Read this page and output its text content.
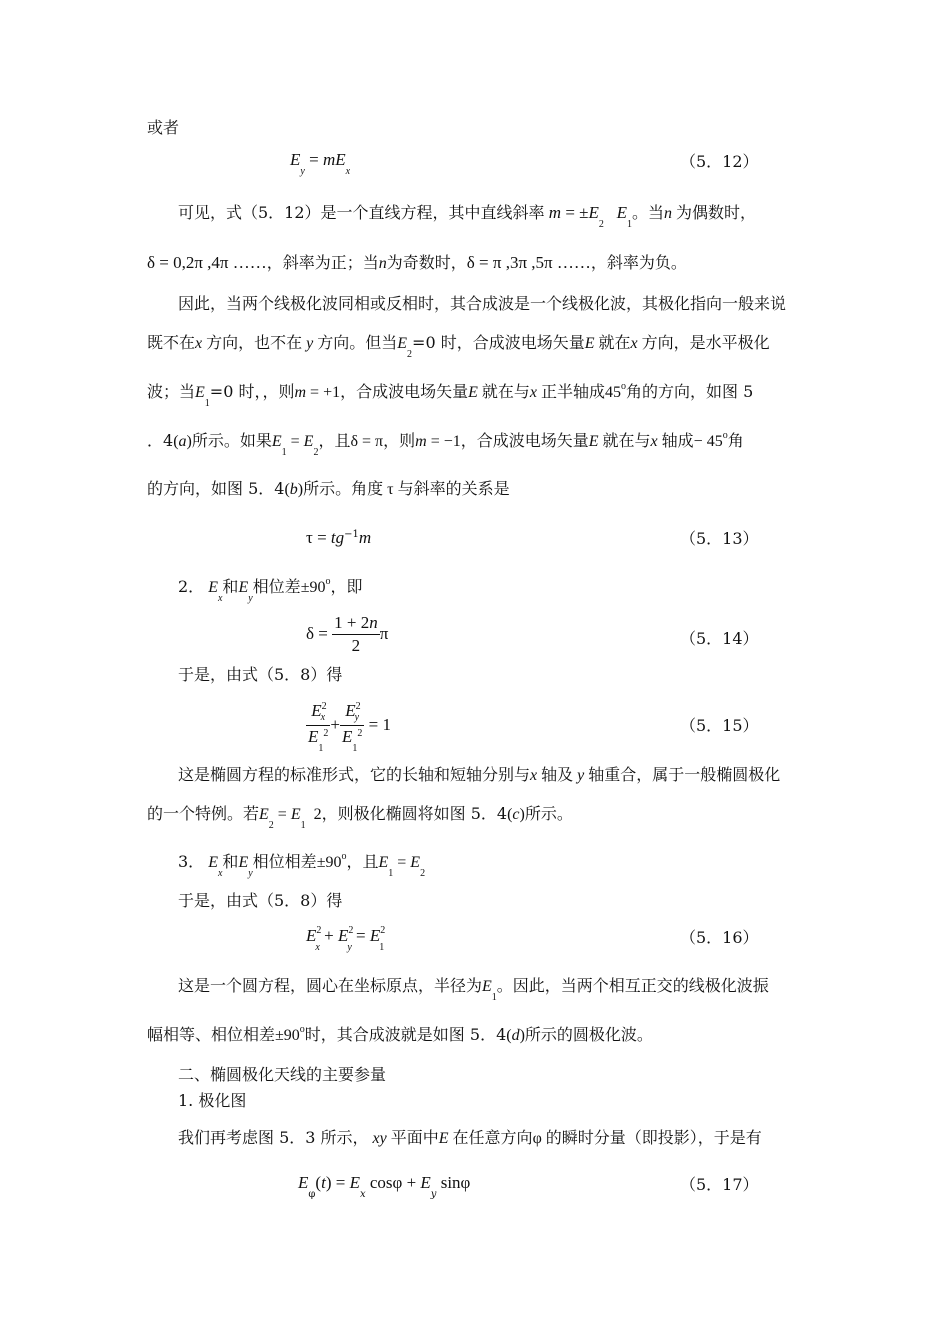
或者
$E_y = mE_x$
（5．12）
可见，式（5．12）是一个直线方程，其中直线斜率 $m = \pm E_2$   $E_1$。当n 为偶数时，
δ = 0,2π ,4π ……，斜率为正；当n为奇数时，δ = π ,3π ,5π ……，斜率为负。
因此，当两个线极化波同相或反相时，其合成波是一个线极化波，其极化指向一般来说
既不在x 方向，也不在 y 方向。但当$E_2=0$ 时，合成波电场矢量E 就在x 方向，是水平极化
波；当$E_1=0$ 时，，则m = +1，合成波电场矢量E 就在与x 正半轴成45$^o$角的方向，如图 5
．4(a)所示。如果$E_1 = E_2$，且δ = π，则m = −1，合成波电场矢量E 就在与x 轴成− $45^o$角
的方向，如图 5．4(b)所示。角度 τ 与斜率的关系是
$\tau = tg^{-1}m$	（5．13）
2． $E_x$和$E_y$相位差$\pm 90^o$，即
$\delta = \frac{1 + 2n}{2}$ π	（5．14）
于是，由式（5．8）得
$\frac{E^2_x}{E_1^2} + \frac{E^2_y}{E_1^2} = 1$	（5．15）
这是椭圆方程的标准形式，它的长轴和短轴分别与x 轴及 y 轴重合，属于一般椭圆极化
的一个特例。若$E_2 = E_1$  2，则极化椭圆将如图 5．4(c)所示。
3． $E_x$和$E_y$相位相差$\pm 90^o$，且$E_1 = E_2$
于是，由式（5．8）得
$E^2_x + E^2_y = E^2_1$
（5．16）
这是一个圆方程，圆心在坐标原点，半径为$E_1$。因此，当两个相互正交的线极化波振
幅相等、相位相差$\pm 90^o$时，其合成波就是如图 5．4(d)所示的圆极化波。
二、椭圆极化天线的主要参量
1. 极化图
我们再考虑图 5．3 所示， xy 平面中E 在任意方向φ 的瞬时分量（即投影），于是有
$E_\varphi(t) = E_x$ $\cos\varphi + E_y$ sinφ	（5．17）
